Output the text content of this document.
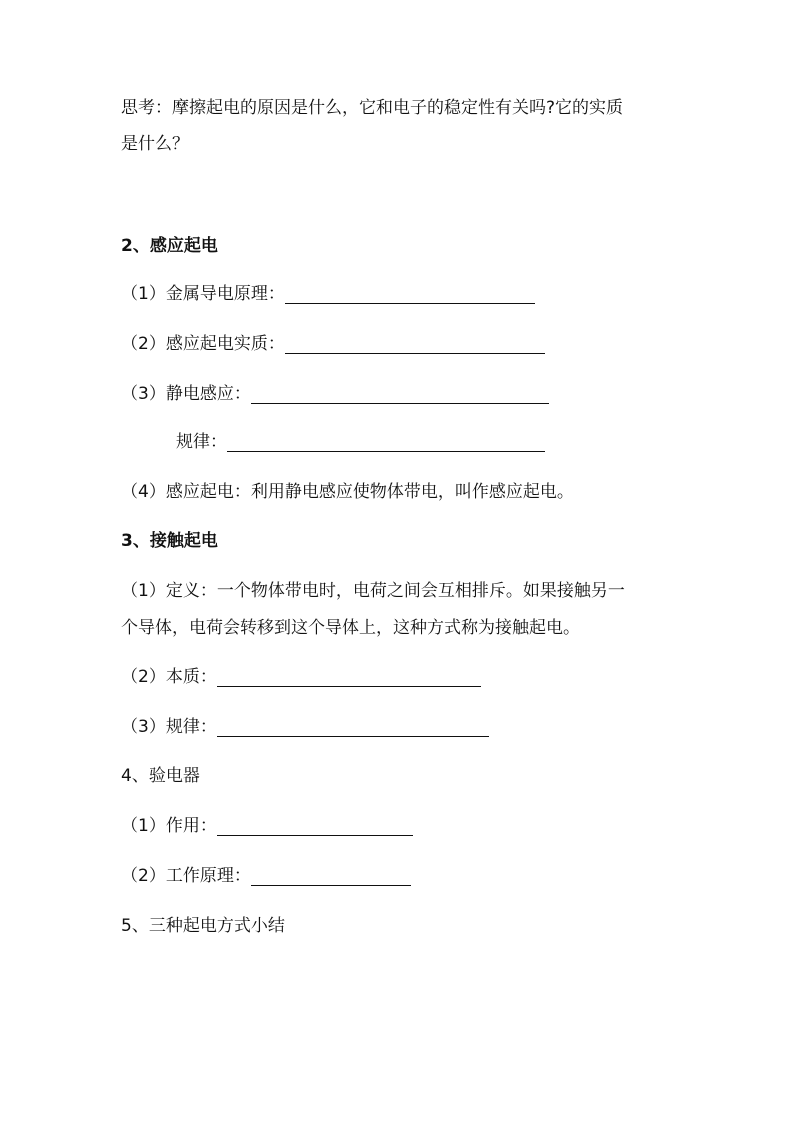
思考：摩擦起电的原因是什么，它和电子的稳定性有关吗?它的实质
是什么？
2、感应起电
（1）金属导电原理：
（2）感应起电实质：
（3）静电感应：
规律：
（4）感应起电：利用静电感应使物体带电，叫作感应起电。
3、接触起电
（1）定义：一个物体带电时，电荷之间会互相排斥。如果接触另一
个导体，电荷会转移到这个导体上，这种方式称为接触起电。
（2）本质：
（3）规律：
4、验电器
（1）作用：
（2）工作原理：
5、三种起电方式小结
